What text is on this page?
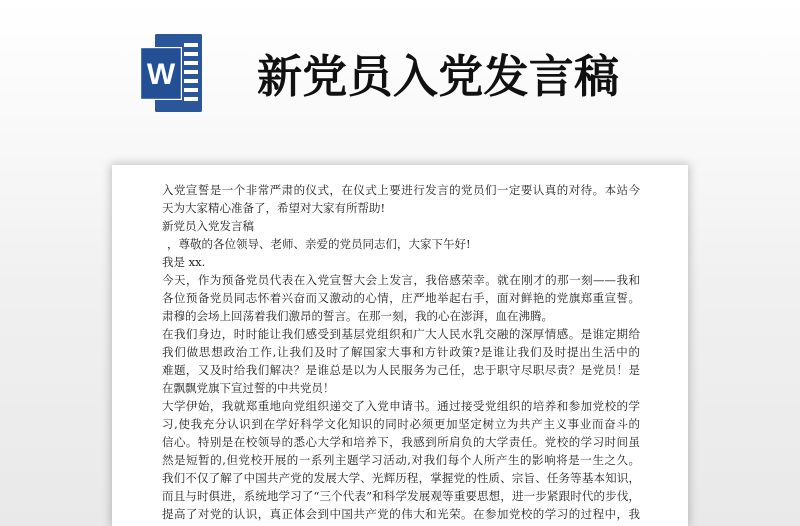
W 新党员入党发言稿
入党宣誓是一个非常严肃的仪式，在仪式上要进行发言的党员们一定要认真的对待。本站今
天为大家精心准备了，希望对大家有所帮助!
新党员入党发言稿
，尊敬的各位领导、老师、亲爱的党员同志们，大家下午好!
我是 xx.
今天，作为预备党员代表在入党宣誓大会上发言，我倍感荣幸。就在刚才的那一刻——我和
各位预备党员同志怀着兴奋而又激动的心情，庄严地举起右手，面对鲜艳的党旗郑重宣誓。
肃穆的会场上回荡着我们激昂的誓言。在那一刻，我的心在澎湃，血在沸腾。
在我们身边，时时能让我们感受到基层党组织和广大人民水乳交融的深厚情感。是谁定期给
我们做思想政治工作,让我们及时了解国家大事和方针政策?是谁让我们及时提出生活中的
难题，又及时给我们解决？是谁总是以为人民服务为己任，忠于职守尽职尽责？是党员！是
在飘飘党旗下宣过誓的中共党员！
大学伊始，我就郑重地向党组织递交了入党申请书。通过接受党组织的培养和参加党校的学
习,使我充分认识到在学好科学文化知识的同时必须更加坚定树立为共产主义事业而奋斗的
信心。特别是在校领导的悉心大学和培养下，我感到所肩负的大学责任。党校的学习时间虽
然是短暂的,但党校开展的一系列主题学习活动,对我们每个人所产生的影响将是一生之久。
我们不仅了解了中国共产党的发展大学、光辉历程，掌握党的性质、宗旨、任务等基本知识，
而且与时俱进，系统地学习了“三个代表”和科学发展观等重要思想，进一步紧跟时代的步伐，
提高了对党的认识，真正体会到中国共产党的伟大和光荣。在参加党校的学习的过程中，我
